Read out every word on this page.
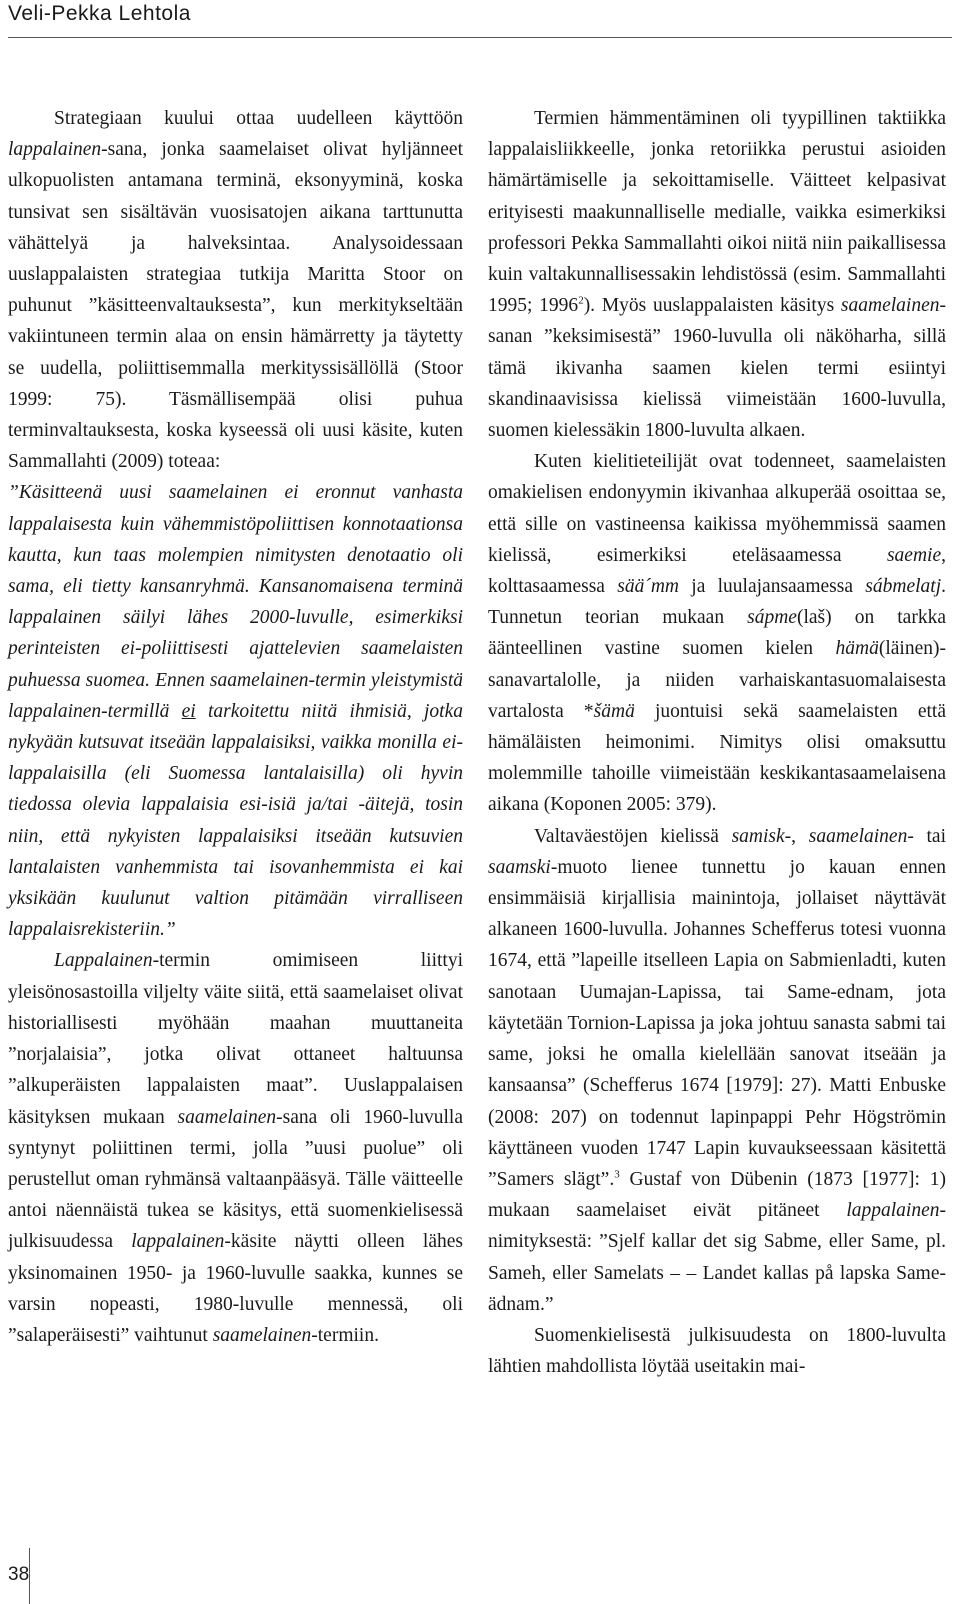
Veli-Pekka Lehtola

Strategiaan kuului ottaa uudelleen käyttöön lappalainen-sana, jonka saamelaiset olivat hyljänneet ulkopuolisten antamana terminä, eksonyyminä, koska tunsivat sen sisältävän vuosisatojen aikana tarttunutta vähättelyä ja halveksintaa. Analysoidessaan uuslappalaisten strategiaa tutkija Maritta Stoor on puhunut ”käsitteenvaltauksesta”, kun merkitykseltään vakiintuneen termin alaa on ensin hämärretty ja täytetty se uudella, poliittisemmalla merkityssisällöllä (Stoor 1999: 75). Täsmällisempää olisi puhua terminvaltauksesta, koska kyseessä oli uusi käsite, kuten Sammallahti (2009) toteaa:

”Käsitteenä uusi saamelainen ei eronnut vanhasta lappalaisesta kuin vähemmistöpoliittisen konnotaationsa kautta, kun taas molempien nimitysten denotaatio oli sama, eli tietty kansanryhmä. Kansanomaisena terminä lappalainen säilyi lähes 2000-luvulle, esimerkiksi perinteisten ei-poliittisesti ajattelevien saamelaisten puhuessa suomea. Ennen saamelainen-termin yleistymistä lappalainen-termillä ei tarkoitettu niitä ihmisiä, jotka nykyään kutsuvat itseään lappalaisiksi, vaikka monilla ei-lappalaisilla (eli Suomessa lantalaisilla) oli hyvin tiedossa olevia lappalaisia esi-isiä ja/tai -äitejä, tosin niin, että nykyisten lappalaisiksi itseään kutsuvien lantalaisten vanhemmista tai isovanhemmista ei kai yksikään kuulunut valtion pitämään virralliseen lappalaisrekisteriin.”

Lappalainen-termin omimiseen liittyi yleisönosastoilla viljelty väite siitä, että saamelaiset olivat historiallisesti myöhään maahan muuttaneita ”norjalaisia”, jotka olivat ottaneet haltuunsa ”alkuperäisten lappalaisten maat”. Uuslappalaisen käsityksen mukaan saamelainen-sana oli 1960-luvulla syntynyt poliittinen termi, jolla ”uusi puolue” oli perustellut oman ryhmänsä valtaanpääsyä. Tälle väitteelle antoi näennäistä tukea se käsitys, että suomenkielisessä julkisuudessa lappalainen-käsite näytti olleen lähes yksinomainen 1950- ja 1960-luvulle saakka, kunnes se varsin nopeasti, 1980-luvulle mennessä, oli ”salaperäisesti” vaihtunut saamelainen-termiin.

Termien hämmentäminen oli tyypillinen taktiikka lappalaisliikkeelle, jonka retoriikka perustui asioiden hämärtämiselle ja sekoittamiselle. Väitteet kelpasivat erityisesti maakunnalliselle medialle, vaikka esimerkiksi professori Pekka Sammallahti oikoi niitä niin paikallisessa kuin valtakunnallisessakin lehdistössä (esim. Sammallahti 1995; 1996$^2$). Myös uuslappalaisten käsitys saamelainen-sanan ”keksimisestä” 1960-luvulla oli näköharha, sillä tämä ikivanha saamen kielen termi esiintyi skandinaavisissa kielissä viimeistään 1600-luvulla, suomen kielessäkin 1800-luvulta alkaen.

Kuten kielitieteilijät ovat todenneet, saamelaisten omakielisen endonyymin ikivanhaa alkuperää osoittaa se, että sille on vastineensa kaikissa myöhemmissä saamen kielissä, esimerkiksi eteläsaamessa saemie, kolttasaamessa sää´mm ja luulajansaamessa sábmelatj. Tunnetun teorian mukaan sápme(laš) on tarkka äänteellinen vastine suomen kielen hämä(läinen)-sanavartalolle, ja niiden varhaiskantasuomalaisesta vartalosta *šämä juontuisi sekä saamelaisten että hämäläisten heimonimi. Nimitys olisi omaksuttu molemmille tahoille viimeistään keskikantasaamelaisena aikana (Koponen 2005: 379).

Valtaväestöjen kielissä samisk-, saamelainen- tai saamski-muoto lienee tunnettu jo kauan ennen ensimmäisiä kirjallisia mainintoja, jollaiset näyttävät alkaneen 1600-luvulla. Johannes Schefferus totesi vuonna 1674, että ”lapeille itselleen Lapia on Sabmienladti, kuten sanotaan Uumajan-Lapissa, tai Same-ednam, jota käytetään Tornion-Lapissa ja joka johtuu sanasta sabmi tai same, joksi he omalla kielellään sanovat itseään ja kansaansa” (Schefferus 1674 [1979]: 27). Matti Enbuske (2008: 207) on todennut lapinpappi Pehr Högströmin käyttäneen vuoden 1747 Lapin kuvaukseessaan käsitettä ”Samers slägt”.$^3$ Gustaf von Dübenin (1873 [1977]: 1) mukaan saamelaiset eivät pitäneet lappalainen-nimityksestä: ”Sjelf kallar det sig Sabme, eller Same, pl. Sameh, eller Samelats – – Landet kallas på lapska Same-ädnam.”

Suomenkielisestä julkisuudesta on 1800-luvulta lähtien mahdollista löytää useitakin mai-

38
